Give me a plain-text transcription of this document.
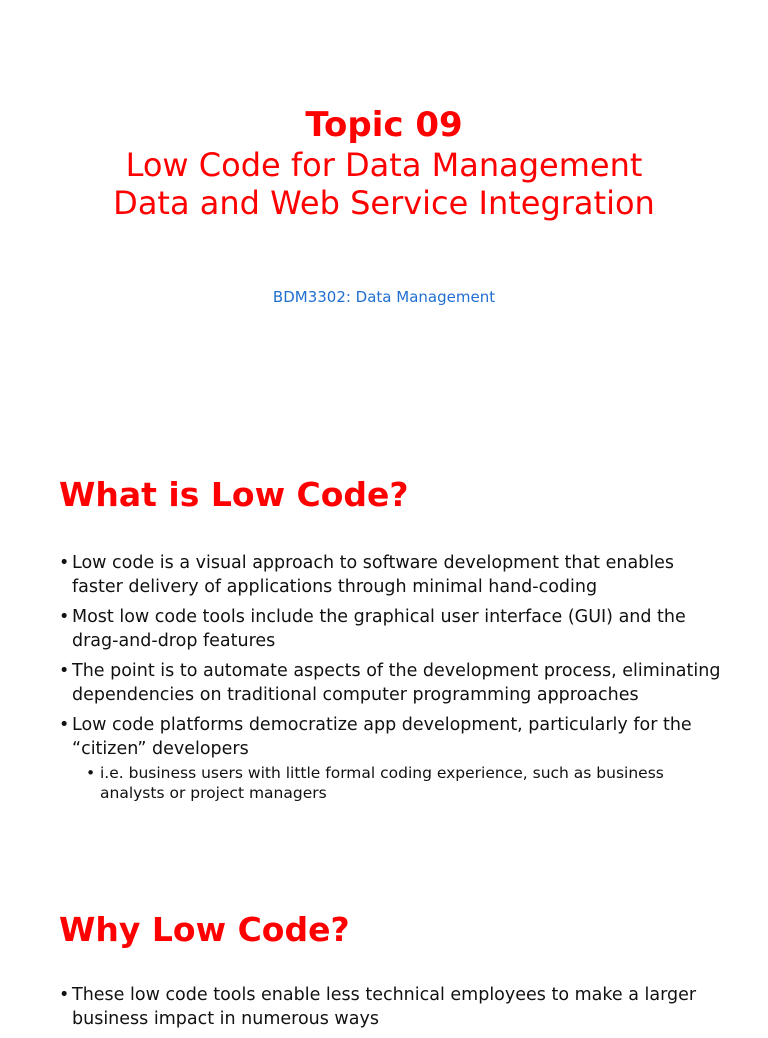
Topic 09

Low Code for Data Management

Data and Web Service Integration

BDM3302: Data Management
What is Low Code?
• Low code is a visual approach to software development that enables faster delivery of applications through minimal hand-coding
• Most low code tools include the graphical user interface (GUI) and the drag-and-drop features
• The point is to automate aspects of the development process, eliminating dependencies on traditional computer programming approaches
• Low code platforms democratize app development, particularly for the “citizen” developers
• i.e. business users with little formal coding experience, such as business analysts or project managers
Why Low Code?
• These low code tools enable less technical employees to make a larger business impact in numerous ways
